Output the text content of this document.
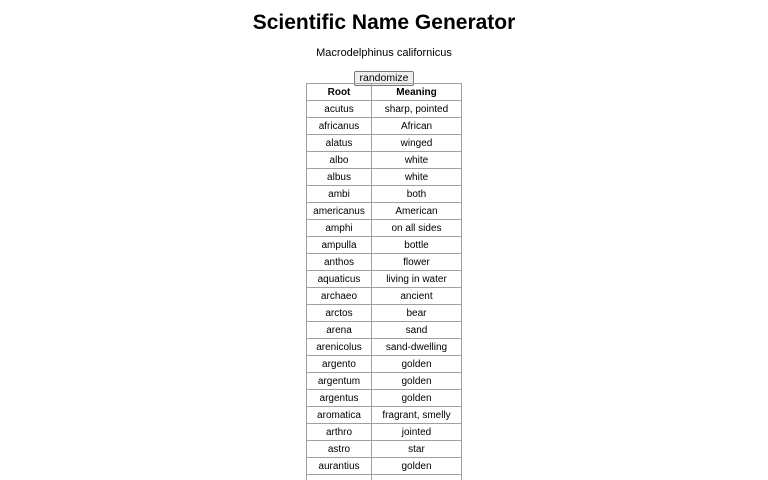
Scientific Name Generator
Macrodelphinus californicus
randomize
Root	Meaning
acutus	sharp, pointed
africanus	African
alatus	winged
albo	white
albus	white
ambi	both
americanus	American
amphi	on all sides
ampulla	bottle
anthos	flower
aquaticus	living in water
archaeo	ancient
arctos	bear
arena	sand
arenicolus	sand-dwelling
argento	golden
argentum	golden
argentus	golden
aromatica	fragrant, smelly
arthro	jointed
astro	star
aurantius	golden
